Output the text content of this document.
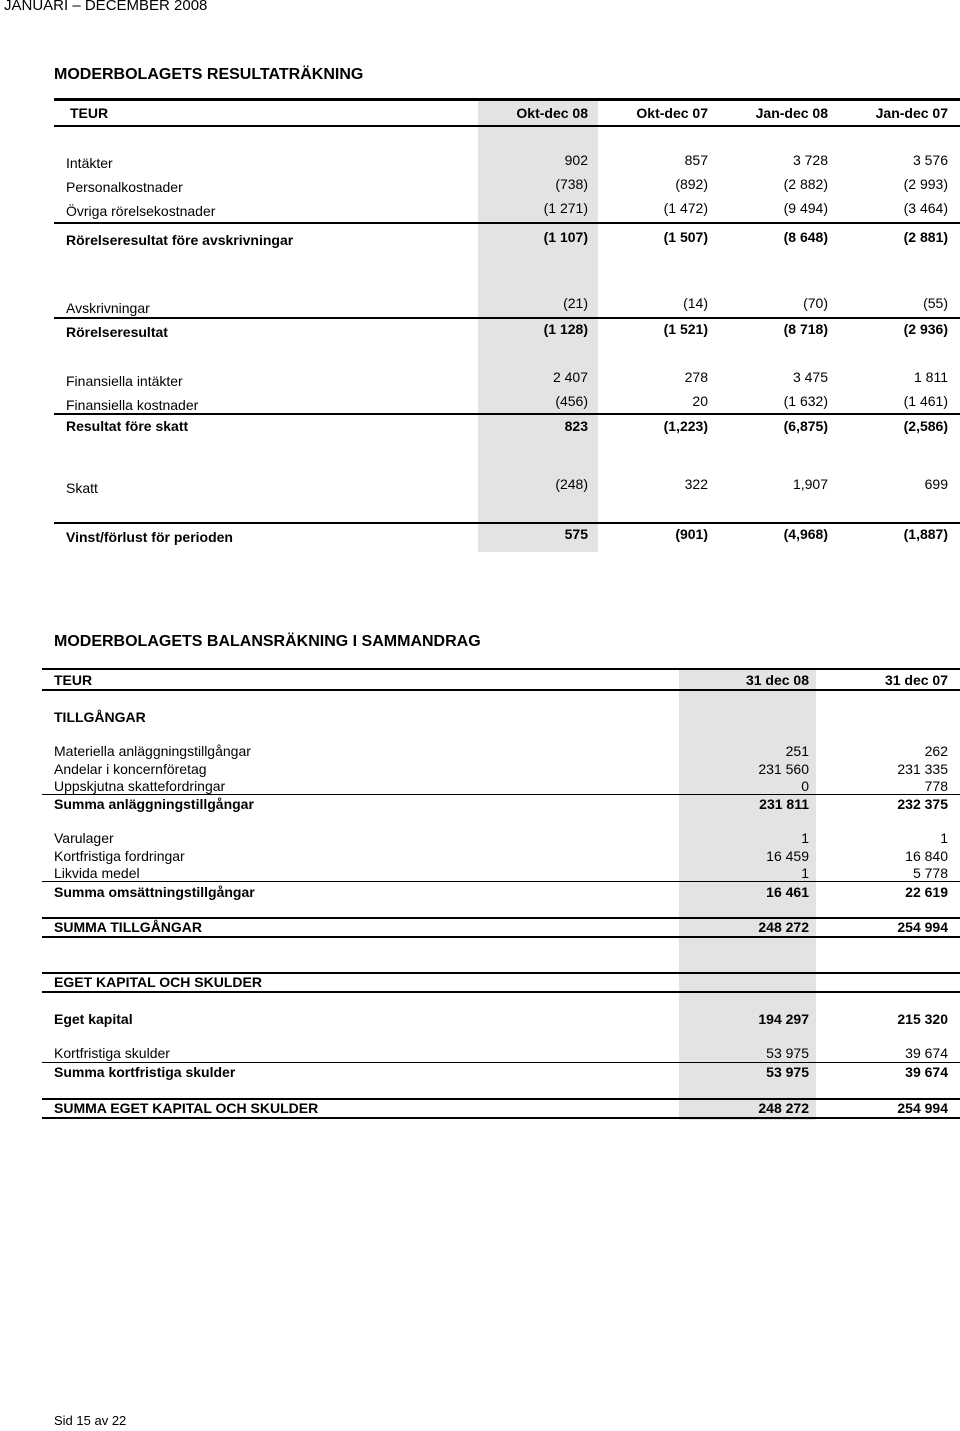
JANUARI – DECEMBER 2008
MODERBOLAGETS RESULTATRÄKNING
TEUR	Okt-dec 08	Okt-dec 07	Jan-dec 08	Jan-dec 07
Intäkter	902	857	3 728	3 576
Personalkostnader	(738)	(892)	(2 882)	(2 993)
Övriga rörelsekostnader	(1 271)	(1 472)	(9 494)	(3 464)
Rörelseresultat före avskrivningar	(1 107)	(1 507)	(8 648)	(2 881)
Avskrivningar	(21)	(14)	(70)	(55)
Rörelseresultat	(1 128)	(1 521)	(8 718)	(2 936)
Finansiella intäkter	2 407	278	3 475	1 811
Finansiella kostnader	(456)	20	(1 632)	(1 461)
Resultat före skatt	823	(1,223)	(6,875)	(2,586)
Skatt	(248)	322	1,907	699
Vinst/förlust för perioden	575	(901)	(4,968)	(1,887)
MODERBOLAGETS BALANSRÄKNING I SAMMANDRAG
TEUR	31 dec 08	31 dec 07
TILLGÅNGAR
Materiella anläggningstillgångar	251	262
Andelar i koncernföretag	231 560	231 335
Uppskjutna skattefordringar	0	778
Summa anläggningstillgångar	231 811	232 375
Varulager	1	1
Kortfristiga fordringar	16 459	16 840
Likvida medel	1	5 778
Summa omsättningstillgångar	16 461	22 619
SUMMA TILLGÅNGAR	248 272	254 994
EGET KAPITAL OCH SKULDER
Eget kapital	194 297	215 320
Kortfristiga skulder	53 975	39 674
Summa kortfristiga skulder	53 975	39 674
SUMMA EGET KAPITAL OCH SKULDER	248 272	254 994
Sid 15 av 22
